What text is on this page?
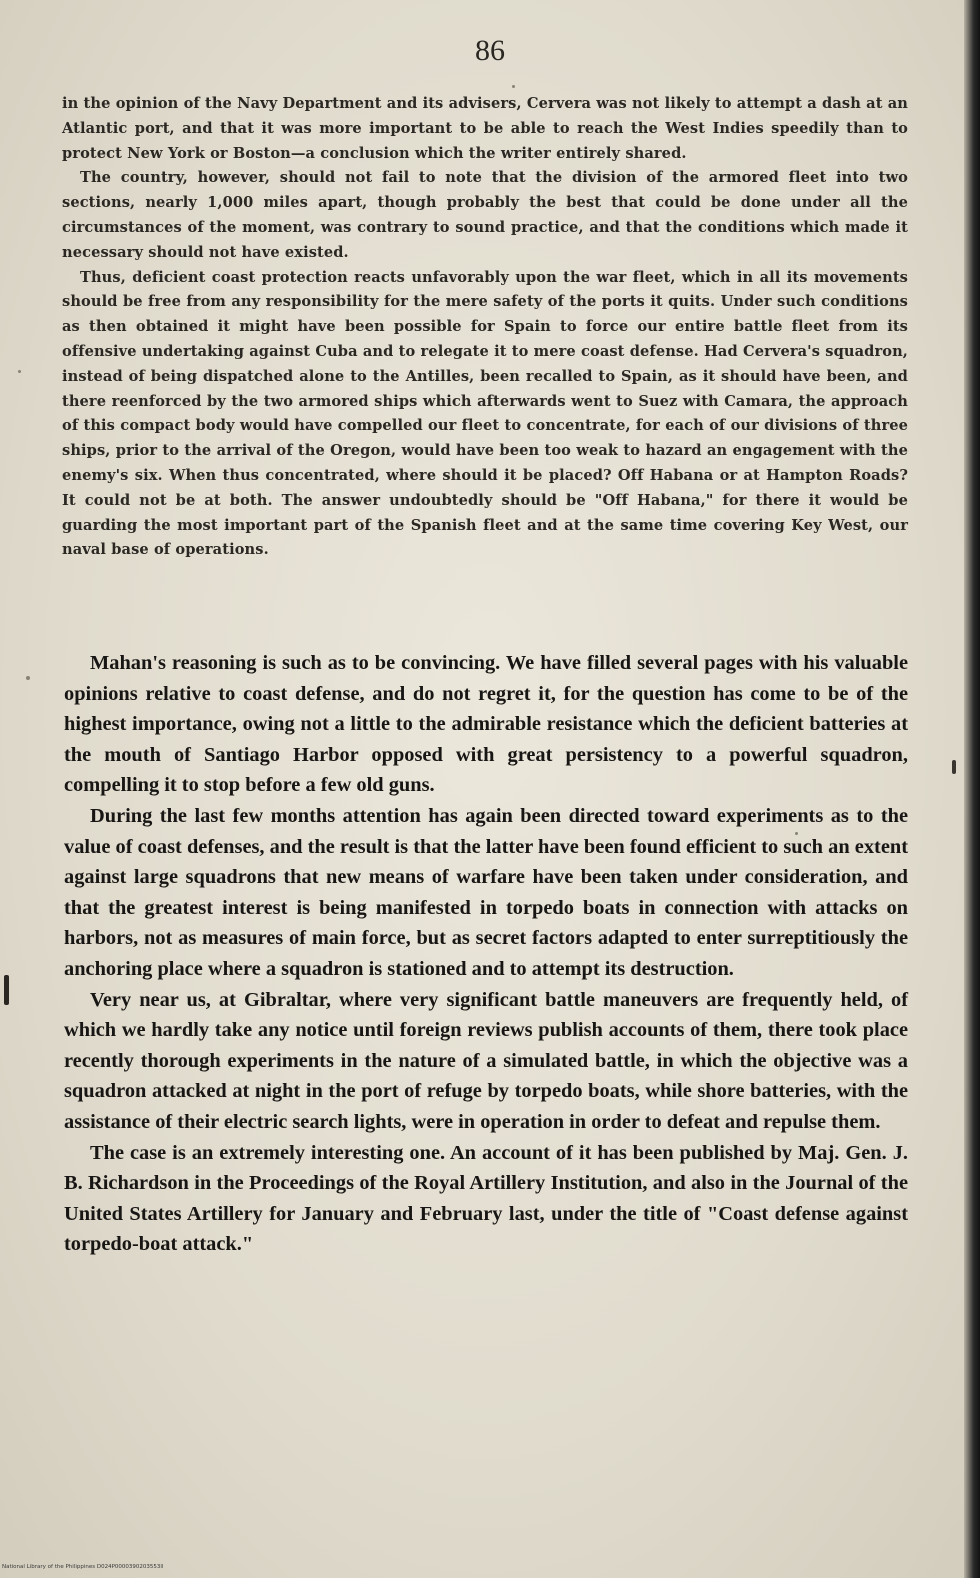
86

in the opinion of the Navy Department and its advisers, Cervera was not likely to attempt a dash at an Atlantic port, and that it was more important to be able to reach the West Indies speedily than to protect New York or Boston—a conclusion which the writer entirely shared.

The country, however, should not fail to note that the division of the armored fleet into two sections, nearly 1,000 miles apart, though probably the best that could be done under all the circumstances of the moment, was contrary to sound practice, and that the conditions which made it necessary should not have existed.

Thus, deficient coast protection reacts unfavorably upon the war fleet, which in all its movements should be free from any responsibility for the mere safety of the ports it quits. Under such conditions as then obtained it might have been possible for Spain to force our entire battle fleet from its offensive undertaking against Cuba and to relegate it to mere coast defense. Had Cervera's squadron, instead of being dispatched alone to the Antilles, been recalled to Spain, as it should have been, and there reenforced by the two armored ships which afterwards went to Suez with Camara, the approach of this compact body would have compelled our fleet to concentrate, for each of our divisions of three ships, prior to the arrival of the Oregon, would have been too weak to hazard an engagement with the enemy's six. When thus concentrated, where should it be placed? Off Habana or at Hampton Roads? It could not be at both. The answer undoubtedly should be "Off Habana," for there it would be guarding the most important part of the Spanish fleet and at the same time covering Key West, our naval base of operations.

Mahan's reasoning is such as to be convincing. We have filled several pages with his valuable opinions relative to coast defense, and do not regret it, for the question has come to be of the highest importance, owing not a little to the admirable resistance which the deficient batteries at the mouth of Santiago Harbor opposed with great persistency to a powerful squadron, compelling it to stop before a few old guns.

During the last few months attention has again been directed toward experiments as to the value of coast defenses, and the result is that the latter have been found efficient to such an extent against large squadrons that new means of warfare have been taken under consideration, and that the greatest interest is being manifested in torpedo boats in connection with attacks on harbors, not as measures of main force, but as secret factors adapted to enter surreptitiously the anchoring place where a squadron is stationed and to attempt its destruction.

Very near us, at Gibraltar, where very significant battle maneuvers are frequently held, of which we hardly take any notice until foreign reviews publish accounts of them, there took place recently thorough experiments in the nature of a simulated battle, in which the objective was a squadron attacked at night in the port of refuge by torpedo boats, while shore batteries, with the assistance of their electric search lights, were in operation in order to defeat and repulse them.

The case is an extremely interesting one. An account of it has been published by Maj. Gen. J. B. Richardson in the Proceedings of the Royal Artillery Institution, and also in the Journal of the United States Artillery for January and February last, under the title of "Coast defense against torpedo-boat attack."

National Library of the Philippines D024P0000390203553ll
